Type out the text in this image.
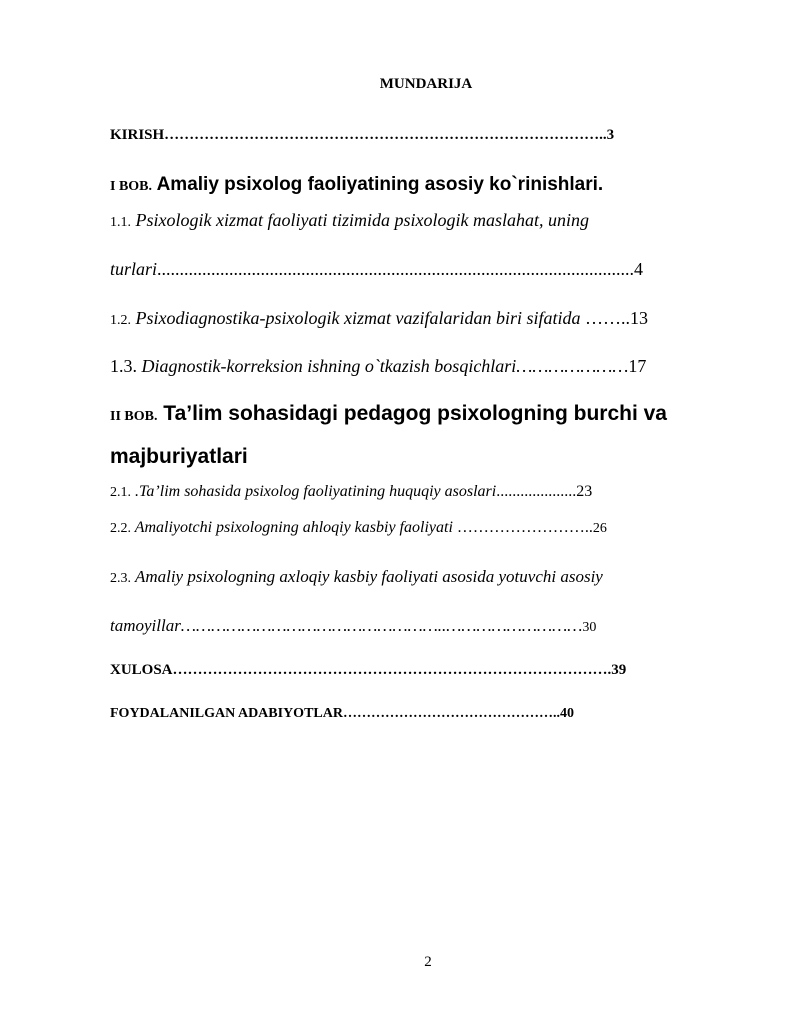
MUNDARIJA
KIRISH……………………………………………………………………………..3
I BOB. Amaliy psixolog faoliyatining asosiy ko`rinishlari.
1.1. Psixologik xizmat faoliyati tizimida psixologik maslahat, uning
turlari..........................................................................................................4
1.2. Psixodiagnostika-psixologik xizmat vazifalaridan biri sifatida ……..13
1.3. Diagnostik-korreksion ishning o`tkazish bosqichlari…………………17
II BOB. Ta’lim sohasidagi pedagog psixologning burchi va
majburiyatlari
2.1. .Ta’lim sohasida psixolog faoliyatining huquqiy asoslari....................23
2.2. Amaliyotchi psixologning ahloqiy kasbiy faoliyati ……………………..26
2.3. Amaliy psixologning axloqiy kasbiy faoliyati asosida yotuvchi asosiy
tamoyillar……………………………………………..………………………30
XULOSA…………………………………………………………………………….39
FOYDALANILGAN ADABIYOTLAR………………………………………..40
2
